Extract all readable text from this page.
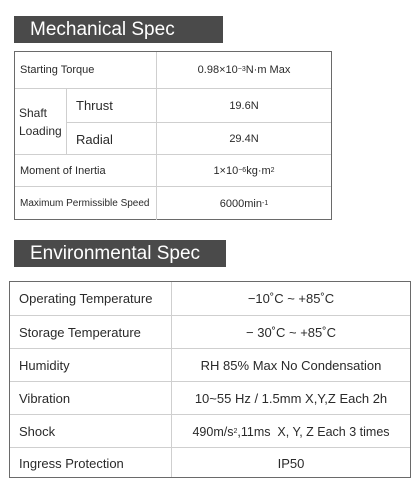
Mechanical Spec
Starting Torque	0.98×10 −3 N·m Max
Shaft
Loading
Thrust	19.6N
Radial	29.4N
Moment of Inertia	1×10 −6 kg·m 2
Maximum Permissible Speed	6000min -1
Environmental Spec
Operating Temperature	−10˚C ~ +85˚C
Storage Temperature	− 30˚C ~ +85˚C
Humidity	RH 85% Max No Condensation
Vibration	10~55 Hz / 1.5mm X,Y,Z Each 2h
Shock	490m/s 2 ,11ms  X, Y, Z Each 3 times
Ingress Protection	IP50
